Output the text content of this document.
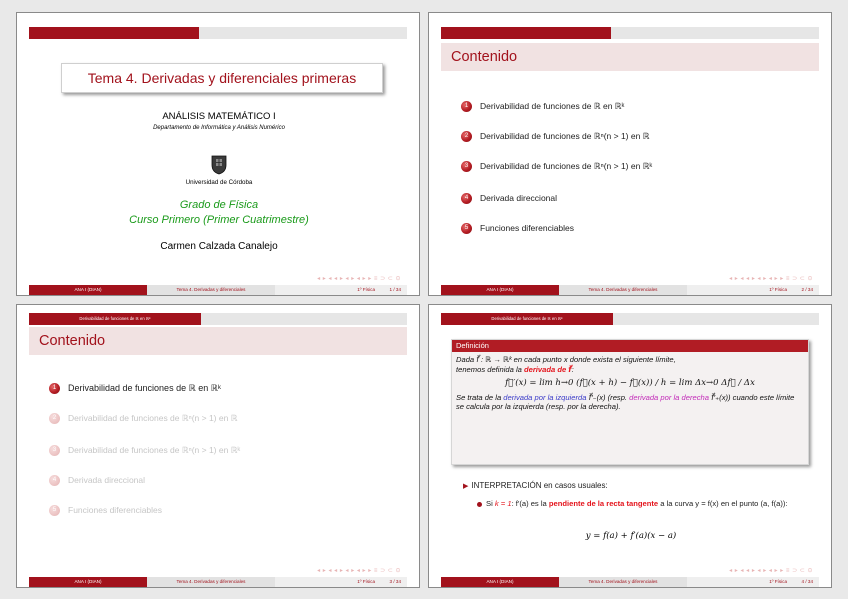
Tema 4. Derivadas y diferenciales primeras
ANÁLISIS MATEMÁTICO I
Departamento de Informática y Análisis Numérico
Universidad de Córdoba
Grado de Física
Curso Primero (Primer Cuatrimestre)
Carmen Calzada Canalejo
◂ ▸ ◂ ◂ ▸ ◂ ▸ ◂ ▸ ▸ ≡ ⊃ ⊂ ⊙
ANA I (DIAN)	Tema 4. Derivadas y diferenciales	1º Física	1 / 34
Contenido
1	Derivabilidad de funciones de ℝ en ℝᵏ
2	Derivabilidad de funciones de ℝⁿ(n > 1) en ℝ
3	Derivabilidad de funciones de ℝⁿ(n > 1) en ℝᵏ
4	Derivada direccional
5	Funciones diferenciables
◂ ▸ ◂ ◂ ▸ ◂ ▸ ◂ ▸ ▸ ≡ ⊃ ⊂ ⊙
ANA I (DIAN)	Tema 4. Derivadas y diferenciales	1º Física	2 / 34
Derivabilidad de funciones de ℝ en ℝᵏ
Contenido
1	Derivabilidad de funciones de ℝ en ℝᵏ
2	Derivabilidad de funciones de ℝⁿ(n > 1) en ℝ
3	Derivabilidad de funciones de ℝⁿ(n > 1) en ℝᵏ
4	Derivada direccional
5	Funciones diferenciables
◂ ▸ ◂ ◂ ▸ ◂ ▸ ◂ ▸ ▸ ≡ ⊃ ⊂ ⊙
ANA I (DIAN)	Tema 4. Derivadas y diferenciales	1º Física	3 / 34
Derivabilidad de funciones de ℝ en ℝᵏ
Definición
Dada f⃗ : ℝ → ℝᵏ en cada punto x donde exista el siguiente límite,
tenemos definida la derivada de f⃗:
f⃗′(x) = lim h→0 (f⃗(x + h) − f⃗(x)) / h = lim Δx→0 Δf⃗ / Δx
Se trata de la derivada por la izquierda f⃗′₋(x) (resp. derivada por la derecha f⃗′₊(x)) cuando este límite se calcula por la izquierda (resp. por la derecha).
▶ INTERPRETACIÓN en casos usuales:
Si k = 1: f′(a) es la pendiente de la recta tangente a la curva y = f(x) en el punto (a, f(a)):
y = f(a) + f′(a)(x − a)
◂ ▸ ◂ ◂ ▸ ◂ ▸ ◂ ▸ ▸ ≡ ⊃ ⊂ ⊙
ANA I (DIAN)	Tema 4. Derivadas y diferenciales	1º Física	4 / 34
